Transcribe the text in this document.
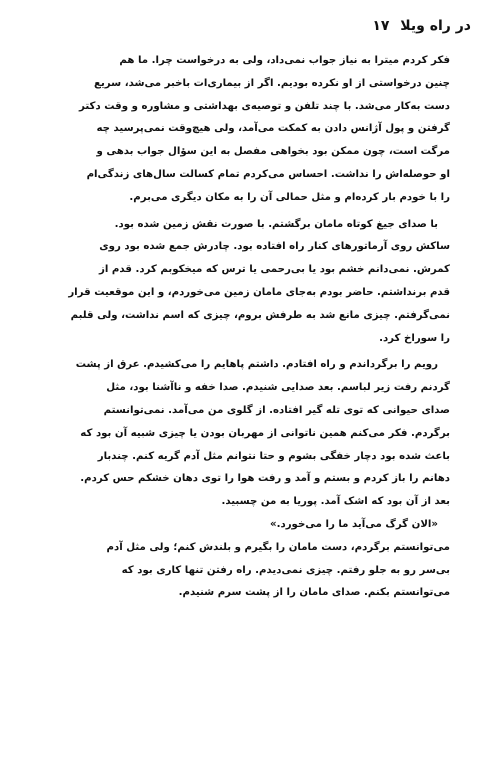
در راه ویلا ۱۷
فکر کردم میترا به نیاز جواب نمی‌داد، ولی به درخواست چرا. ما هم
چنین درخواستی از او نکرده بودیم. اگر از بیماری‌ات باخبر می‌شد، سریع
دست به‌کار می‌شد. با چند تلفن و توصیه‌ی بهداشتی و مشاوره و وقت دکتر
گرفتن و پول آژانس دادن به کمکت می‌آمد، ولی هیچ‌وقت نمی‌پرسید چه
مرگت است، چون ممکن بود بخواهی مفصل به این سؤال جواب بدهی و
او حوصله‌اش را نداشت. احساس می‌کردم تمام کسالت سال‌های زندگی‌ام
را با خودم بار کرده‌ام و مثل حمالی آن را به مکان دیگری می‌برم.
با صدای جیغ کوتاه مامان برگشتم. با صورت نقش زمین شده بود.
ساکش روی آرماتورهای کنار راه افتاده بود. چادرش جمع شده بود روی
کمرش. نمی‌دانم خشم بود یا بی‌رحمی یا ترس که میخکوبم کرد. قدم از
قدم برنداشتم. حاضر بودم به‌جای مامان زمین می‌خوردم، و این موقعیت قرار
نمی‌گرفتم. چیزی مانع شد به طرفش بروم، چیزی که اسم نداشت، ولی قلبم
را سوراخ کرد.
رویم را برگرداندم و راه افتادم. داشتم پاهایم را می‌کشیدم. عرق از پشت
گردنم رفت زیر لباسم. بعد صدایی شنیدم. صدا خفه و ناآشنا بود، مثل
صدای حیوانی که توی تله گیر افتاده. از گلوی من می‌آمد. نمی‌توانستم
برگردم. فکر می‌کنم همین ناتوانی از مهربان بودن یا چیزی شبیه آن بود که
باعث شده بود دچار خفگی بشوم و حتا نتوانم مثل آدم گریه کنم. چندبار
دهانم را باز کردم و بستم و آمد و رفت هوا را توی دهان خشکم حس کردم.
بعد از آن بود که اشک آمد. پوریا به من چسبید.
«الان گرگ می‌آید ما را می‌خورد.»
می‌توانستم برگردم، دست مامان را بگیرم و بلندش کنم؛ ولی مثل آدم
بی‌سر رو به جلو رفتم. چیزی نمی‌دیدم. راه رفتن تنها کاری بود که
می‌توانستم بکنم. صدای مامان را از پشت سرم شنیدم.
